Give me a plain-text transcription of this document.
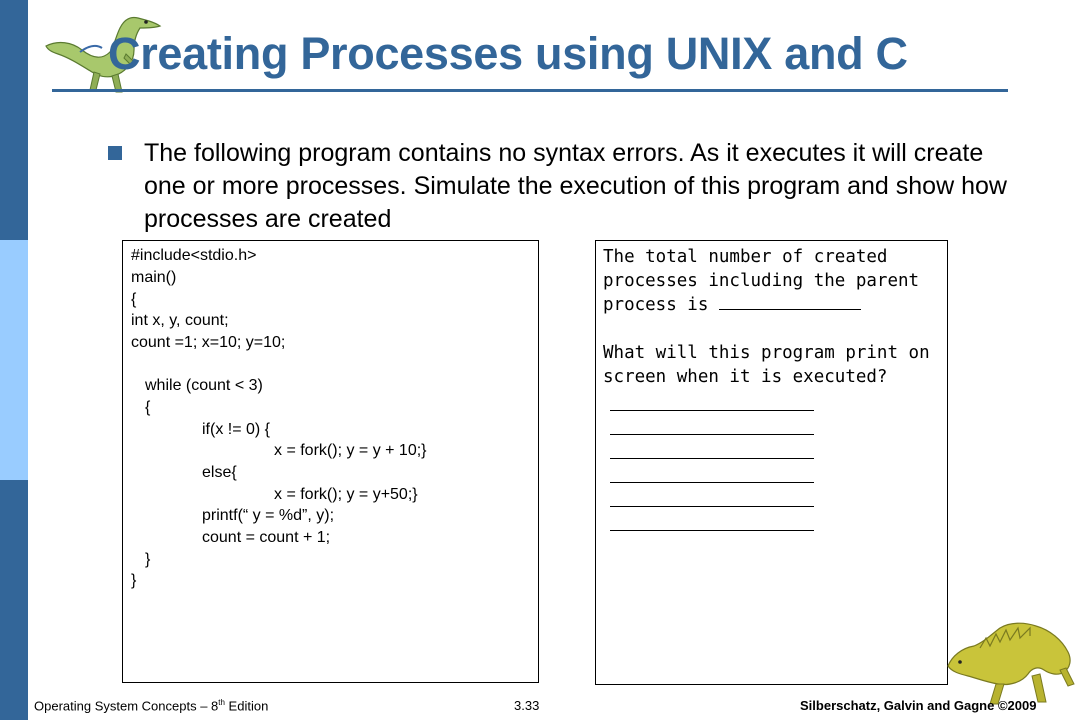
Creating Processes using UNIX and C

The following program contains no syntax errors. As it executes it will create one or more processes. Simulate the execution of this program and show how processes are created

#include<stdio.h>
main()
{
int x, y, count;
count =1; x=10; y=10;
while (count < 3)
{
if(x != 0) {
x = fork(); y = y + 10;}
else{
x = fork(); y = y+50;}
printf(“ y = %d”, y);
count = count + 1;
}
}

The total number of created processes including the parent process is

What will this program print on screen when it is executed?

Operating System Concepts – 8th Edition	3.33	Silberschatz, Galvin and Gagne ©2009
